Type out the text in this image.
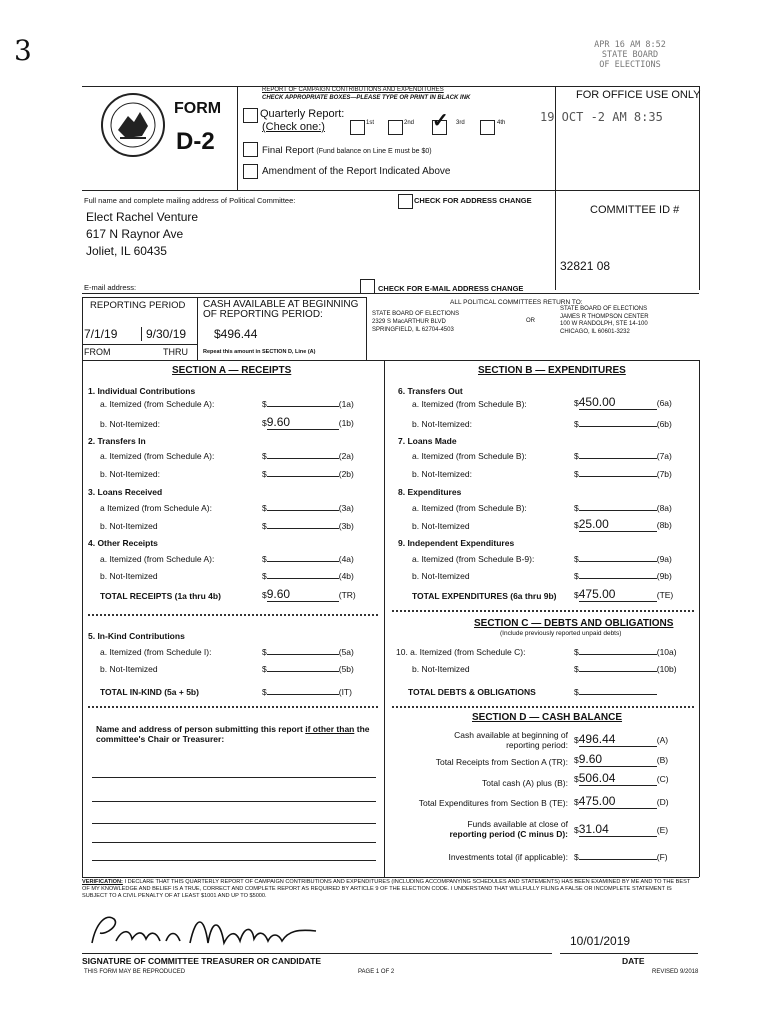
3	APR 16 AM 8:52
STATE BOARD
OF ELECTIONS
FORM
D-2
REPORT OF CAMPAIGN CONTRIBUTIONS AND EXPENDITURES
CHECK APPROPRIATE BOXES—PLEASE TYPE OR PRINT IN BLACK INK
Quarterly Report:
(Check one:)	1st	2nd ✓ 3rd	4th
Final Report (Fund balance on Line E must be $0)
Amendment of the Report Indicated Above
FOR OFFICE USE ONLY
19 OCT -2 AM 8:35
Full name and complete mailing address of Political Committee:	CHECK FOR ADDRESS CHANGE
Elect Rachel Venture
617 N Raynor Ave
Joliet, IL 60435
COMMITTEE ID #
32821 08
E-mail address:	CHECK FOR E-MAIL ADDRESS CHANGE
REPORTING PERIOD
7/1/19 9/30/19
FROM	THRU
CASH AVAILABLE AT BEGINNING
OF REPORTING PERIOD:
$496.44
Repeat this amount in SECTION D, Line (A)
ALL POLITICAL COMMITTEES RETURN TO:
STATE BOARD OF ELECTIONS
2329 S MacARTHUR BLVD
SPRINGFIELD, IL 62704-4503
OR
STATE BOARD OF ELECTIONS
JAMES R THOMPSON CENTER
100 W RANDOLPH, STE 14-100
CHICAGO, IL 60601-3232
SECTION A — RECEIPTS
1. Individual Contributions
a. Itemized (from Schedule A):	$	(1a)
b. Not-Itemized:	$9.60	(1b)
2. Transfers In
a. Itemized (from Schedule A):	$	(2a)
b. Not-Itemized:	$	(2b)
3. Loans Received
a Itemized (from Schedule A):	$	(3a)
b. Not-Itemized	$	(3b)
4. Other Receipts
a. Itemized (from Schedule A):	$	(4a)
b. Not-Itemized	$	(4b)
TOTAL RECEIPTS (1a thru 4b)	$9.60	(TR)
5. In-Kind Contributions
a. Itemized (from Schedule I):	$	(5a)
b. Not-Itemized	$	(5b)
TOTAL IN-KIND (5a + 5b)	$	(IT)
Name and address of person submitting this report if other than the committee's Chair or Treasurer:
SECTION B — EXPENDITURES
6. Transfers Out
a. Itemized (from Schedule B):	$450.00	(6a)
b. Not-Itemized:	$	(6b)
7. Loans Made
a. Itemized (from Schedule B):	$	(7a)
b. Not-Itemized:	$	(7b)
8. Expenditures
a. Itemized (from Schedule B):	$	(8a)
b. Not-Itemized	$25.00	(8b)
9. Independent Expenditures
a. Itemized (from Schedule B-9):	$	(9a)
b. Not-Itemized	$	(9b)
TOTAL EXPENDITURES (6a thru 9b) $475.00	(TE)
SECTION C — DEBTS AND OBLIGATIONS
(Include previously reported unpaid debts)
10. a. Itemized (from Schedule C):	$	(10a)
b. Not-Itemized	$	(10b)
TOTAL DEBTS & OBLIGATIONS	$
SECTION D — CASH BALANCE
Cash available at beginning of
reporting period: $496.44	(A)
Total Receipts from Section A (TR): $9.60	(B)
Total cash (A) plus (B): $506.04	(C)
Total Expenditures from Section B (TE): $475.00	(D)
Funds available at close of
reporting period (C minus D): $31.04	(E)
Investments total (if applicable): $	(F)
VERIFICATION: I DECLARE THAT THIS QUARTERLY REPORT OF CAMPAIGN CONTRIBUTIONS AND EXPENDITURES (INCLUDING ACCOMPANYING SCHEDULES AND STATEMENTS) HAS BEEN EXAMINED BY ME AND TO THE BEST OF MY KNOWLEDGE AND BELIEF IS A TRUE, CORRECT AND COMPLETE REPORT AS REQUIRED BY ARTICLE 9 OF THE ELECTION CODE. I UNDERSTAND THAT WILLFULLY FILING A FALSE OR INCOMPLETE STATEMENT IS SUBJECT TO A CIVIL PENALTY OF AT LEAST $1001 AND UP TO $5000.
SIGNATURE OF COMMITTEE TREASURER OR CANDIDATE
10/01/2019
DATE
THIS FORM MAY BE REPRODUCED	PAGE 1 OF 2	REVISED 9/2018
